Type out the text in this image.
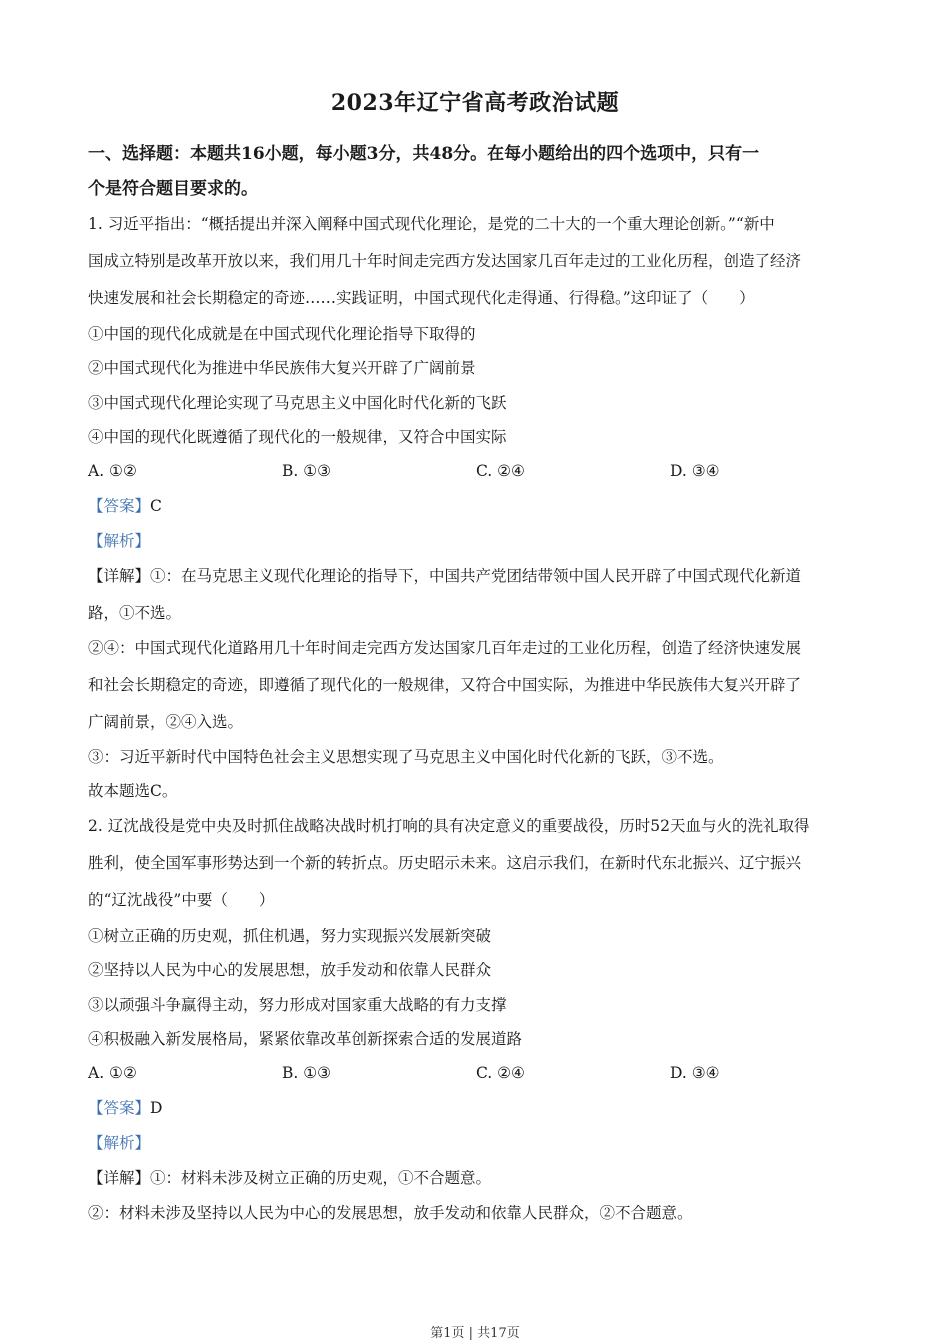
2023年辽宁省高考政治试题
一、选择题：本题共16小题，每小题3分，共48分。在每小题给出的四个选项中，只有一
个是符合题目要求的。
1. 习近平指出：“概括提出并深入阐释中国式现代化理论，是党的二十大的一个重大理论创新。”“新中
国成立特别是改革开放以来，我们用几十年时间走完西方发达国家几百年走过的工业化历程，创造了经济
快速发展和社会长期稳定的奇迹……实践证明，中国式现代化走得通、行得稳。”这印证了（　　）
①中国的现代化成就是在中国式现代化理论指导下取得的
②中国式现代化为推进中华民族伟大复兴开辟了广阔前景
③中国式现代化理论实现了马克思主义中国化时代化新的飞跃
④中国的现代化既遵循了现代化的一般规律，又符合中国实际
A. ①②	B. ①③	C. ②④	D. ③④
【答案】C
【解析】
【详解】①：在马克思主义现代化理论的指导下，中国共产党团结带领中国人民开辟了中国式现代化新道
路，①不选。
②④：中国式现代化道路用几十年时间走完西方发达国家几百年走过的工业化历程，创造了经济快速发展
和社会长期稳定的奇迹，即遵循了现代化的一般规律，又符合中国实际，为推进中华民族伟大复兴开辟了
广阔前景，②④入选。
③：习近平新时代中国特色社会主义思想实现了马克思主义中国化时代化新的飞跃，③不选。
故本题选C。
2. 辽沈战役是党中央及时抓住战略决战时机打响的具有决定意义的重要战役，历时52天血与火的洗礼取得
胜利，使全国军事形势达到一个新的转折点。历史昭示未来。这启示我们，在新时代东北振兴、辽宁振兴
的“辽沈战役”中要（　　）
①树立正确的历史观，抓住机遇，努力实现振兴发展新突破
②坚持以人民为中心的发展思想，放手发动和依靠人民群众
③以顽强斗争赢得主动，努力形成对国家重大战略的有力支撑
④积极融入新发展格局，紧紧依靠改革创新探索合适的发展道路
A. ①②	B. ①③	C. ②④	D. ③④
【答案】D
【解析】
【详解】①：材料未涉及树立正确的历史观，①不合题意。
②：材料未涉及坚持以人民为中心的发展思想，放手发动和依靠人民群众，②不合题意。
第1页 | 共17页
